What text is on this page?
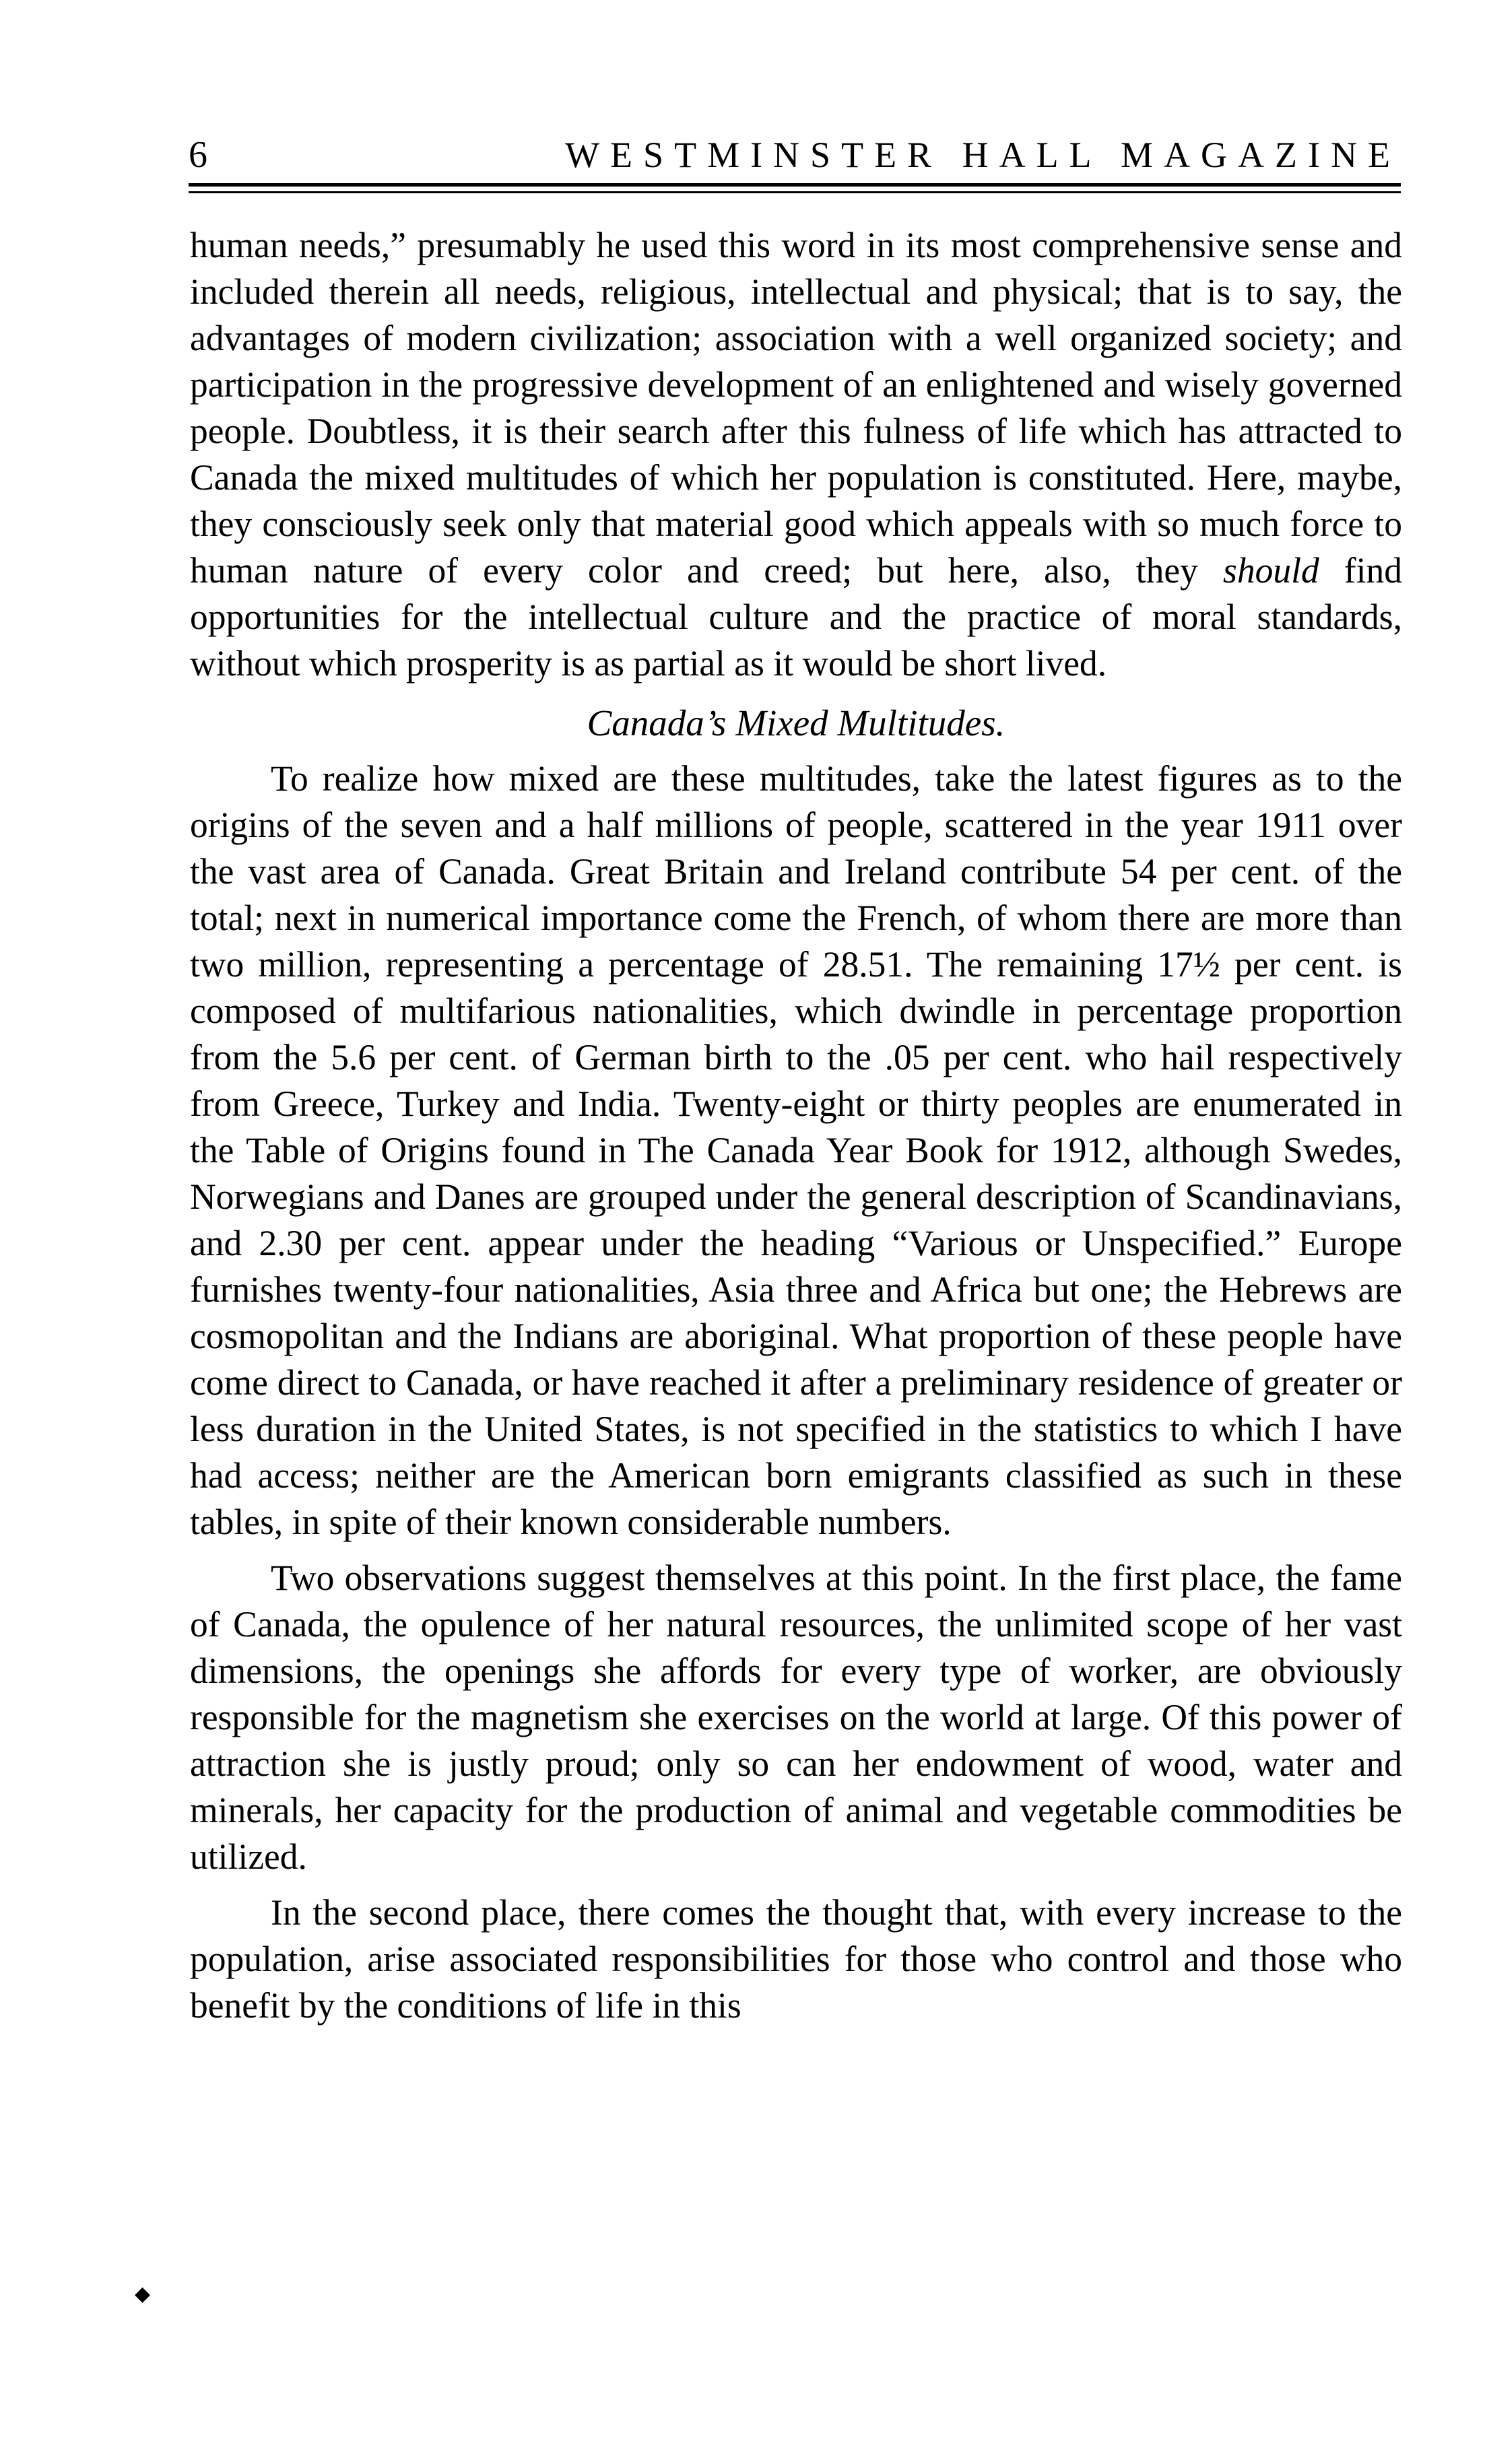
6	WESTMINSTER HALL MAGAZINE

human needs,” presumably he used this word in its most comprehensive sense and included therein all needs, religious, intellectual and physical; that is to say, the advantages of modern civilization; association with a well organized society; and participation in the progressive development of an enlightened and wisely governed people. Doubtless, it is their search after this fulness of life which has attracted to Canada the mixed multitudes of which her population is constituted. Here, maybe, they consciously seek only that material good which appeals with so much force to human nature of every color and creed; but here, also, they should find opportunities for the intellectual culture and the practice of moral standards, without which prosperity is as partial as it would be short lived.

Canada’s Mixed Multitudes.

To realize how mixed are these multitudes, take the latest figures as to the origins of the seven and a half millions of people, scattered in the year 1911 over the vast area of Canada. Great Britain and Ireland contribute 54 per cent. of the total; next in numerical importance come the French, of whom there are more than two million, representing a percentage of 28.51. The remaining 17½ per cent. is composed of multifarious nationalities, which dwindle in percentage proportion from the 5.6 per cent. of German birth to the .05 per cent. who hail respectively from Greece, Turkey and India. Twenty-eight or thirty peoples are enumerated in the Table of Origins found in The Canada Year Book for 1912, although Swedes, Norwegians and Danes are grouped under the general description of Scandinavians, and 2.30 per cent. appear under the heading “Various or Unspecified.” Europe furnishes twenty-four nationalities, Asia three and Africa but one; the Hebrews are cosmopolitan and the Indians are aboriginal. What proportion of these people have come direct to Canada, or have reached it after a preliminary residence of greater or less duration in the United States, is not specified in the statistics to which I have had access; neither are the American born emigrants classified as such in these tables, in spite of their known considerable numbers.

Two observations suggest themselves at this point. In the first place, the fame of Canada, the opulence of her natural resources, the unlimited scope of her vast dimensions, the openings she affords for every type of worker, are obviously responsible for the magnetism she exercises on the world at large. Of this power of attraction she is justly proud; only so can her endowment of wood, water and minerals, her capacity for the production of animal and vegetable commodities be utilized.

In the second place, there comes the thought that, with every increase to the population, arise associated responsibilities for those who control and those who benefit by the conditions of life in this

◆
